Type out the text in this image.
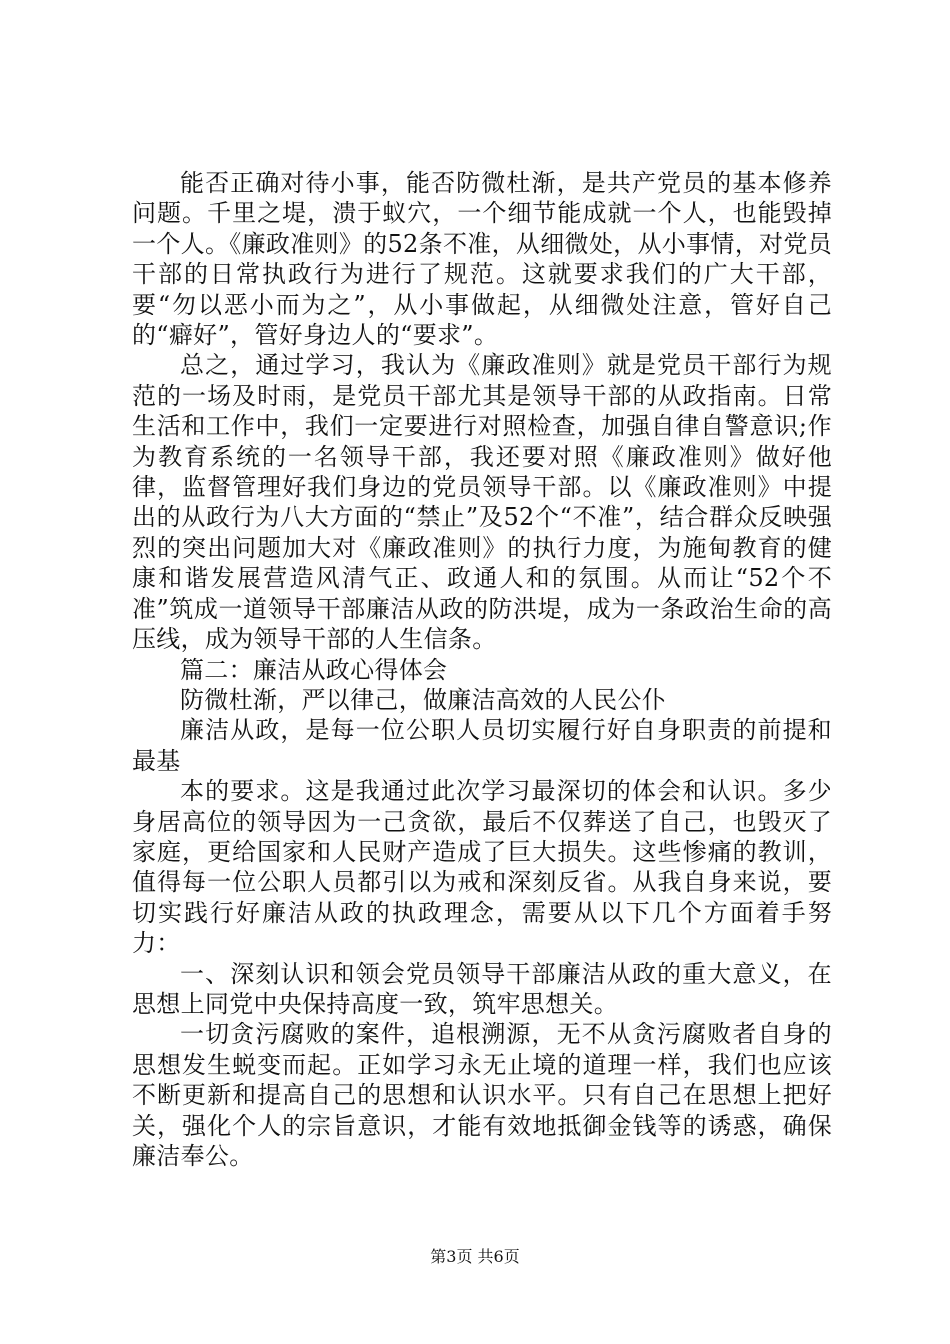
能否正确对待小事，能否防微杜渐，是共产党员的基本修养问题。千里之堤，溃于蚁穴，一个细节能成就一个人，也能毁掉一个人。《廉政准则》的52条不准，从细微处，从小事情，对党员干部的日常执政行为进行了规范。这就要求我们的广大干部，要“勿以恶小而为之”，从小事做起，从细微处注意，管好自己的“癖好”，管好身边人的“要求”。

总之，通过学习，我认为《廉政准则》就是党员干部行为规范的一场及时雨，是党员干部尤其是领导干部的从政指南。日常生活和工作中，我们一定要进行对照检查，加强自律自警意识;作为教育系统的一名领导干部，我还要对照《廉政准则》做好他律，监督管理好我们身边的党员领导干部。以《廉政准则》中提出的从政行为八大方面的“禁止”及52个“不准”，结合群众反映强烈的突出问题加大对《廉政准则》的执行力度，为施甸教育的健康和谐发展营造风清气正、政通人和的氛围。从而让“52个不准”筑成一道领导干部廉洁从政的防洪堤，成为一条政治生命的高压线，成为领导干部的人生信条。

篇二：廉洁从政心得体会

防微杜渐，严以律己，做廉洁高效的人民公仆

廉洁从政，是每一位公职人员切实履行好自身职责的前提和最基

本的要求。这是我通过此次学习最深切的体会和认识。多少身居高位的领导因为一己贪欲，最后不仅葬送了自己，也毁灭了家庭，更给国家和人民财产造成了巨大损失。这些惨痛的教训，值得每一位公职人员都引以为戒和深刻反省。从我自身来说，要切实践行好廉洁从政的执政理念，需要从以下几个方面着手努力：

一、深刻认识和领会党员领导干部廉洁从政的重大意义，在思想上同党中央保持高度一致，筑牢思想关。

一切贪污腐败的案件，追根溯源，无不从贪污腐败者自身的思想发生蜕变而起。正如学习永无止境的道理一样，我们也应该不断更新和提高自己的思想和认识水平。只有自己在思想上把好关，强化个人的宗旨意识，才能有效地抵御金钱等的诱惑，确保廉洁奉公。

第3页 共6页
